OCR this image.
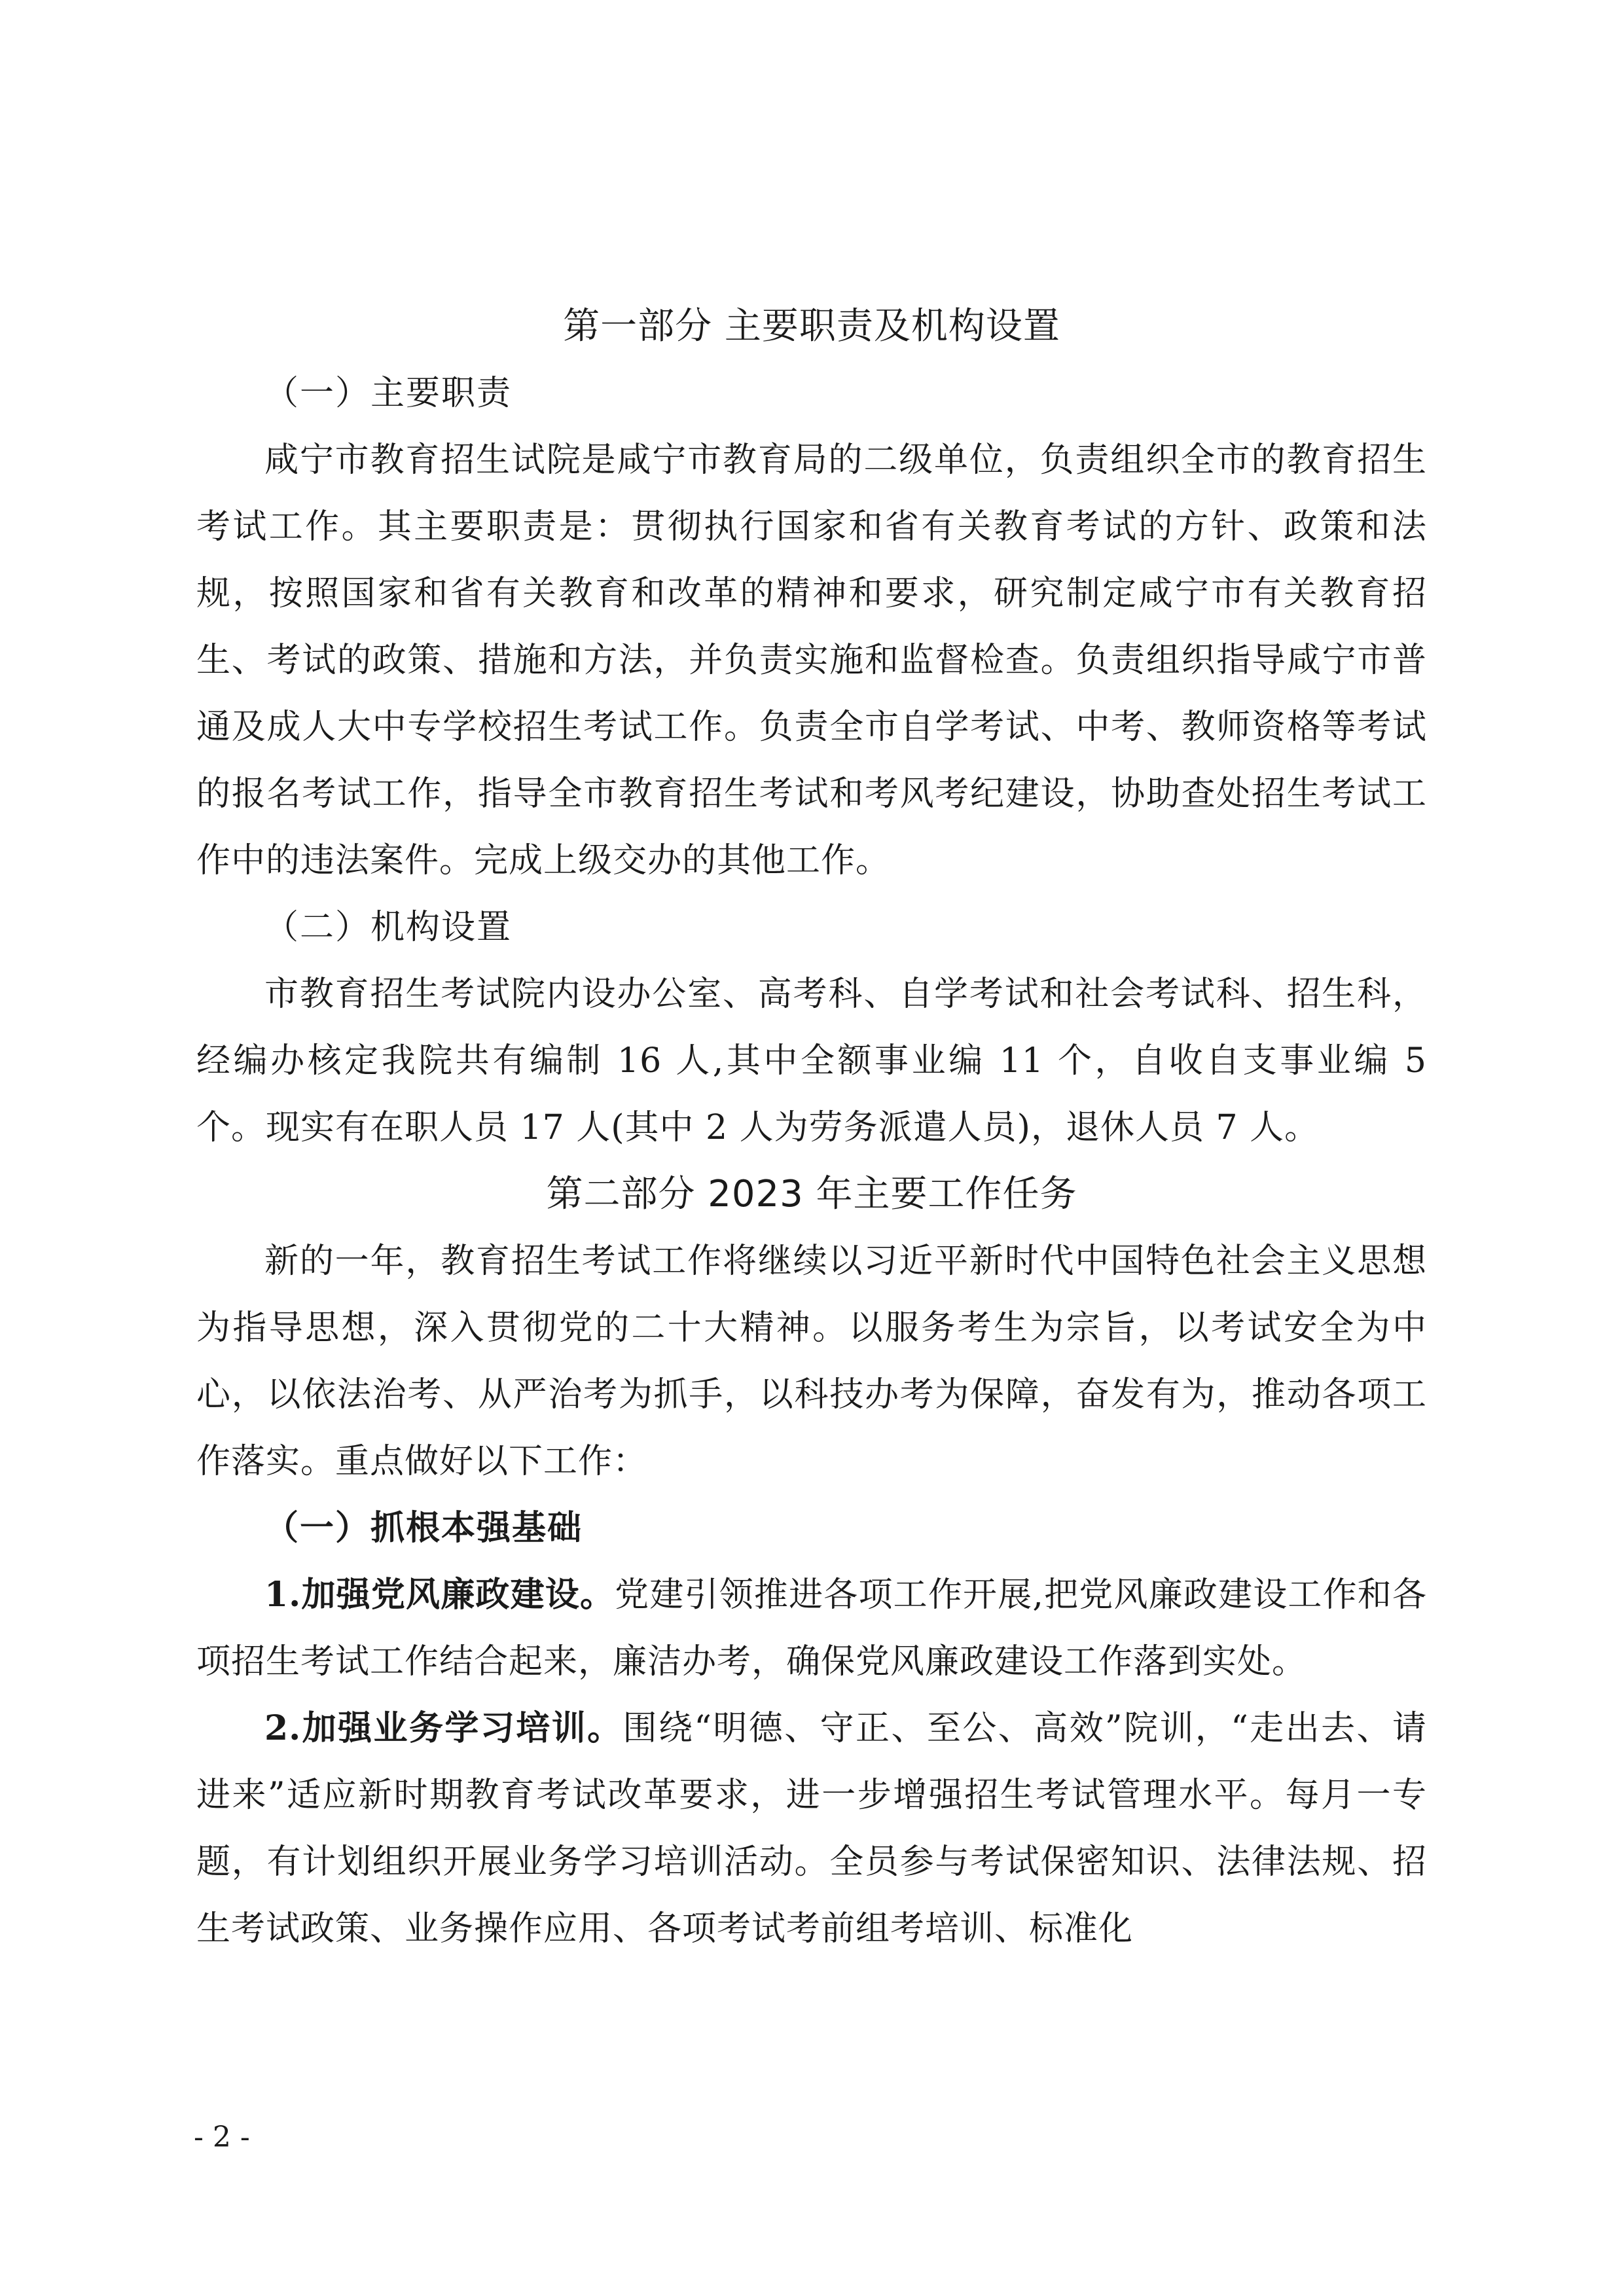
第一部分 主要职责及机构设置

（一）主要职责

咸宁市教育招生试院是咸宁市教育局的二级单位，负责组织全市的教育招生考试工作。其主要职责是：贯彻执行国家和省有关教育考试的方针、政策和法规，按照国家和省有关教育和改革的精神和要求，研究制定咸宁市有关教育招生、考试的政策、措施和方法，并负责实施和监督检查。负责组织指导咸宁市普通及成人大中专学校招生考试工作。负责全市自学考试、中考、教师资格等考试的报名考试工作，指导全市教育招生考试和考风考纪建设，协助查处招生考试工作中的违法案件。完成上级交办的其他工作。

（二）机构设置

市教育招生考试院内设办公室、高考科、自学考试和社会考试科、招生科，经编办核定我院共有编制 16 人,其中全额事业编 11 个，自收自支事业编 5 个。现实有在职人员 17 人(其中 2 人为劳务派遣人员)，退休人员 7 人。

第二部分 2023 年主要工作任务

新的一年，教育招生考试工作将继续以习近平新时代中国特色社会主义思想为指导思想，深入贯彻党的二十大精神。以服务考生为宗旨，以考试安全为中心，以依法治考、从严治考为抓手，以科技办考为保障，奋发有为，推动各项工作落实。重点做好以下工作：

（一）抓根本强基础

1.加强党风廉政建设。党建引领推进各项工作开展,把党风廉政建设工作和各项招生考试工作结合起来，廉洁办考，确保党风廉政建设工作落到实处。

2.加强业务学习培训。围绕“明德、守正、至公、高效”院训，“走出去、请进来”适应新时期教育考试改革要求，进一步增强招生考试管理水平。每月一专题，有计划组织开展业务学习培训活动。全员参与考试保密知识、法律法规、招生考试政策、业务操作应用、各项考试考前组考培训、标准化

- 2 -
